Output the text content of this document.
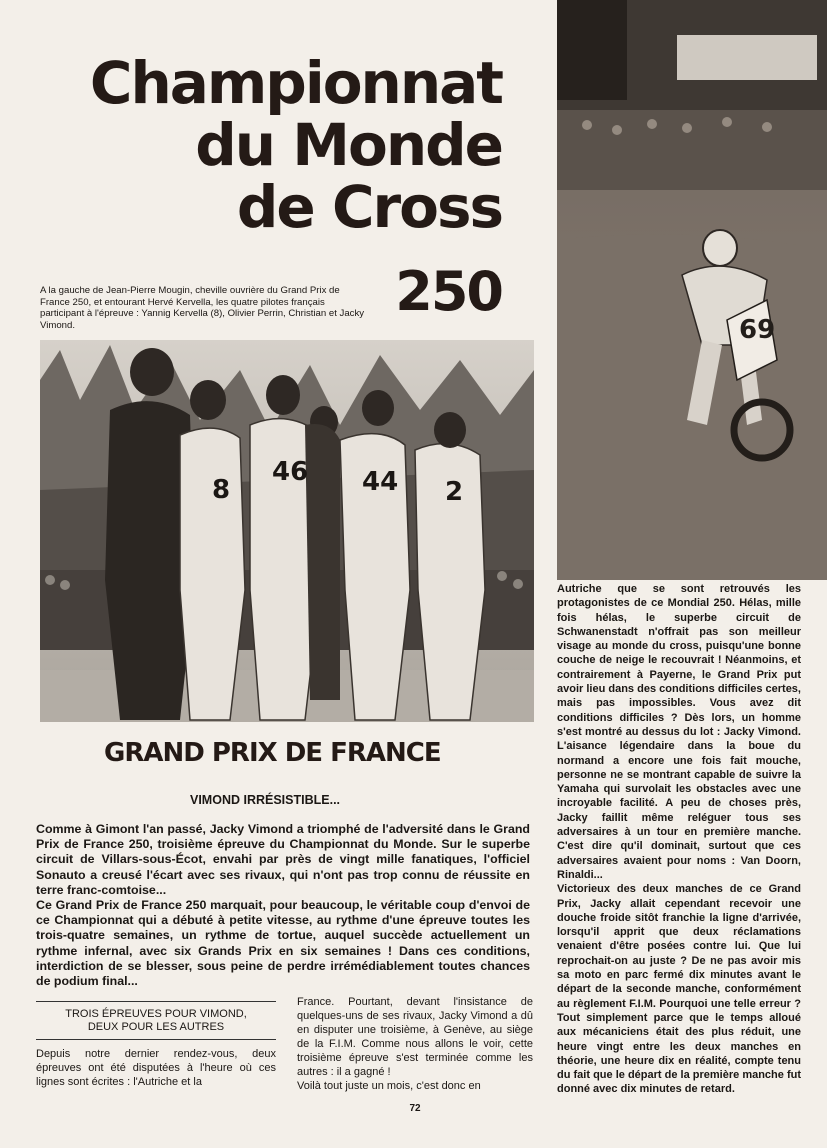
Championnat
du Monde
de Cross
250
A la gauche de Jean-Pierre Mougin, cheville ouvrière du Grand Prix de France 250, et entourant Hervé Kervella, les quatre pilotes français participant à l'épreuve : Yannig Kervella (8), Olivier Perrin, Christian et Jacky Vimond.
8
46 44 2
69
GRAND PRIX DE FRANCE
VIMOND IRRÉSISTIBLE...

Comme à Gimont l'an passé, Jacky Vimond a triomphé de l'adversité dans le Grand Prix de France 250, troisième épreuve du Championnat du Monde. Sur le superbe circuit de Villars-sous-Écot, envahi par près de vingt mille fanatiques, l'officiel Sonauto a creusé l'écart avec ses rivaux, qui n'ont pas trop connu de réussite en terre franc-comtoise...

Ce Grand Prix de France 250 marquait, pour beaucoup, le véritable coup d'envoi de ce Championnat qui a débuté à petite vitesse, au rythme d'une épreuve toutes les trois-quatre semaines, un rythme de tortue, auquel succède actuellement un rythme infernal, avec six Grands Prix en six semaines ! Dans ces conditions, interdiction de se blesser, sous peine de perdre irrémédiablement toutes chances de podium final...

TROIS ÉPREUVES POUR VIMOND,
DEUX POUR LES AUTRES

Depuis notre dernier rendez-vous, deux épreuves ont été disputées à l'heure où ces lignes sont écrites : l'Autriche et la

France. Pourtant, devant l'insistance de quelques-uns de ses rivaux, Jacky Vimond a dû en disputer une troisième, à Genève, au siège de la F.I.M. Comme nous allons le voir, cette troisième épreuve s'est terminée comme les autres : il a gagné !

Voilà tout juste un mois, c'est donc en

Autriche que se sont retrouvés les protagonistes de ce Mondial 250. Hélas, mille fois hélas, le superbe circuit de Schwanenstadt n'offrait pas son meilleur visage au monde du cross, puisqu'une bonne couche de neige le recouvrait ! Néanmoins, et contrairement à Payerne, le Grand Prix put avoir lieu dans des conditions difficiles certes, mais pas impossibles. Vous avez dit conditions difficiles ? Dès lors, un homme s'est montré au dessus du lot : Jacky Vimond. L'aisance légendaire dans la boue du normand a encore une fois fait mouche, personne ne se montrant capable de suivre la Yamaha qui survolait les obstacles avec une incroyable facilité. A peu de choses près, Jacky faillit même reléguer tous ses adversaires à un tour en première manche. C'est dire qu'il dominait, surtout que ces adversaires avaient pour noms : Van Doorn, Rinaldi...

Victorieux des deux manches de ce Grand Prix, Jacky allait cependant recevoir une douche froide sitôt franchie la ligne d'arrivée, lorsqu'il apprit que deux réclamations venaient d'être posées contre lui. Que lui reprochait-on au juste ? De ne pas avoir mis sa moto en parc fermé dix minutes avant le départ de la seconde manche, conformément au règlement F.I.M. Pourquoi une telle erreur ? Tout simplement parce que le temps alloué aux mécaniciens était des plus réduit, une heure vingt entre les deux manches en théorie, une heure dix en réalité, compte tenu du fait que le départ de la première manche fut donné avec dix minutes de retard.

72
